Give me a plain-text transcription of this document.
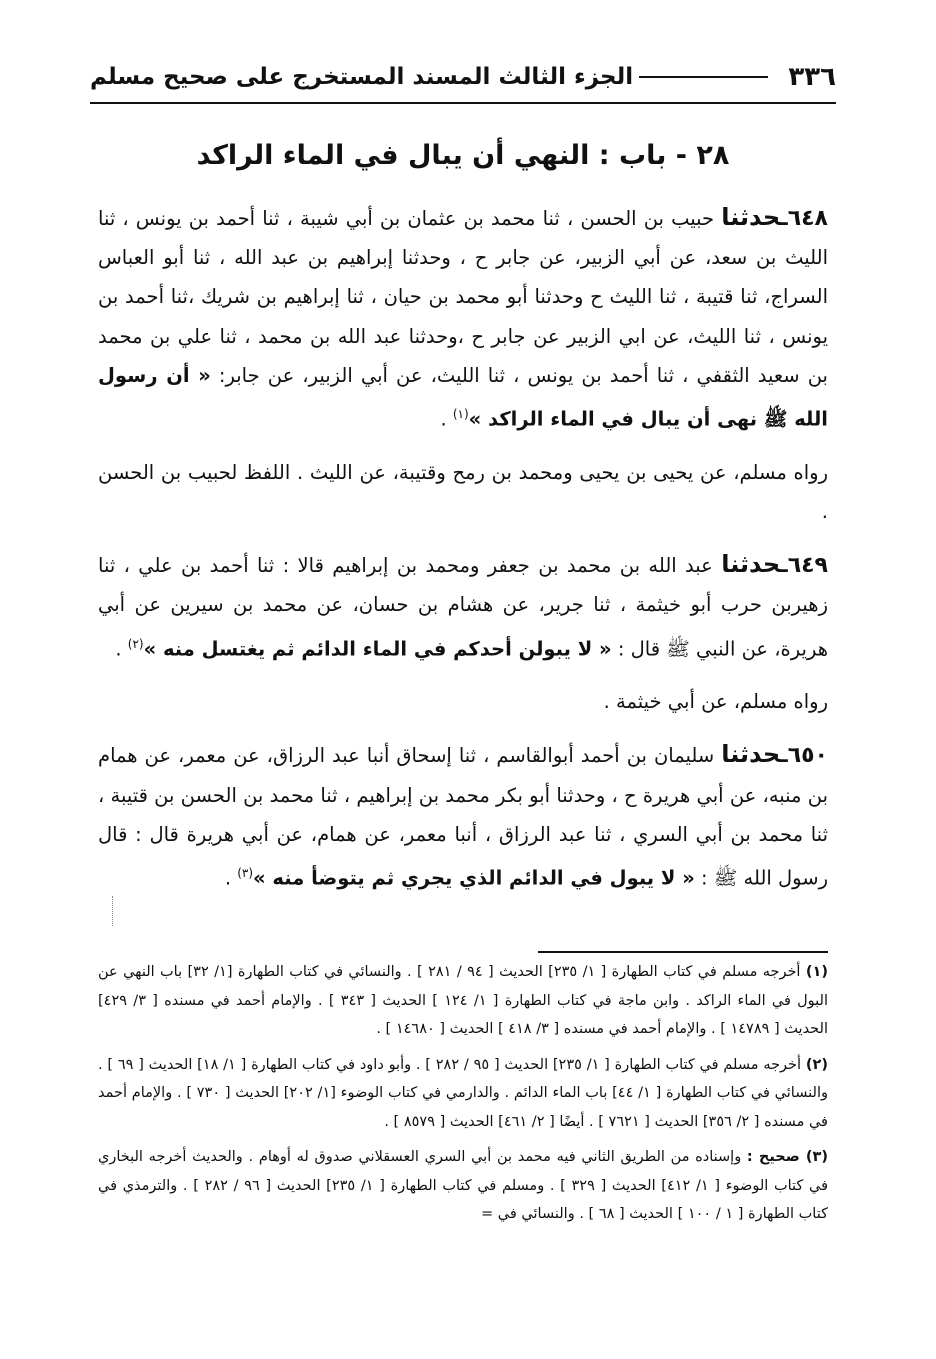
٣٣٦
الجزء الثالث المسند المستخرج على صحيح مسلم
٢٨ - باب : النهي أن يبال في الماء الراكد

٦٤٨ـحدثنا حبيب بن الحسن ، ثنا محمد بن عثمان بن أبي شيبة ، ثنا أحمد بن يونس ، ثنا الليث بن سعد، عن أبي الزبير، عن جابر ح ، وحدثنا إبراهيم بن عبد الله ، ثنا أبو العباس السراج، ثنا قتيبة ، ثنا الليث ح وحدثنا أبو محمد بن حيان ، ثنا إبراهيم بن شريك ،ثنا أحمد بن يونس ، ثنا الليث، عن ابي الزبير عن جابر ح ،وحدثنا عبد الله بن محمد ، ثنا علي بن محمد بن سعيد الثقفي ، ثنا أحمد بن يونس ، ثنا الليث، عن أبي الزبير، عن جابر: « أن رسول الله ﷺ نهى أن يبال في الماء الراكد »$^{(١)}$ .

رواه مسلم، عن يحيى بن يحيى ومحمد بن رمح وقتيبة، عن الليث . اللفظ لحبيب بن الحسن .

٦٤٩ـحدثنا عبد الله بن محمد بن جعفر ومحمد بن إبراهيم قالا : ثنا أحمد بن علي ، ثنا زهيربن حرب أبو خيثمة ، ثنا جرير، عن هشام بن حسان، عن محمد بن سيرين عن أبي هريرة، عن النبي ﷺ قال : « لا يبولن أحدكم في الماء الدائم ثم يغتسل منه »$^{(٢)}$ .

رواه مسلم، عن أبي خيثمة .

٦٥٠ـحدثنا سليمان بن أحمد أبوالقاسم ، ثنا إسحاق أنبا عبد الرزاق، عن معمر، عن همام بن منبه، عن أبي هريرة ح ، وحدثنا أبو بكر محمد بن إبراهيم ، ثنا محمد بن الحسن بن قتيبة ، ثنا محمد بن أبي السري ، ثنا عبد الرزاق ، أنبا معمر، عن همام، عن أبي هريرة قال : قال رسول الله ﷺ : « لا يبول في الدائم الذي يجري ثم يتوضأ منه »$^{(٣)}$ .

(١) أخرجه مسلم في كتاب الطهارة [ ١/ ٢٣٥] الحديث [ ٩٤ / ٢٨١ ] . والنسائي في كتاب الطهارة [١/ ٣٢] باب النهي عن البول في الماء الراكد . وابن ماجة في كتاب الطهارة [ ١/ ١٢٤ ] الحديث [ ٣٤٣ ] . والإمام أحمد في مسنده [ ٣/ ٤٢٩] الحديث [ ١٤٧٨٩ ] . والإمام أحمد في مسنده [ ٣/ ٤١٨ ] الحديث [ ١٤٦٨٠ ] .

(٢) أخرجه مسلم في كتاب الطهارة [ ١/ ٢٣٥] الحديث [ ٩٥ / ٢٨٢ ] . وأبو داود في كتاب الطهارة [ ١/ ١٨] الحديث [ ٦٩ ] . والنسائي في كتاب الطهارة [ ١/ ٤٤] باب الماء الدائم . والدارمي في كتاب الوضوء [١/ ٢٠٢] الحديث [ ٧٣٠ ] . والإمام أحمد في مسنده [ ٢/ ٣٥٦] الحديث [ ٧٦٢١ ] . أيضًا [ ٢/ ٤٦١] الحديث [ ٨٥٧٩ ] .

(٣) صحيح : وإسناده من الطريق الثاني فيه محمد بن أبي السري العسقلاني صدوق له أوهام . والحديث أخرجه البخاري في كتاب الوضوء [ ١/ ٤١٢] الحديث [ ٣٢٩ ] . ومسلم في كتاب الطهارة [ ١/ ٢٣٥] الحديث [ ٩٦ / ٢٨٢ ] . والترمذي في كتاب الطهارة [ ١ / ١٠٠ ] الحديث [ ٦٨ ] . والنسائي في =
